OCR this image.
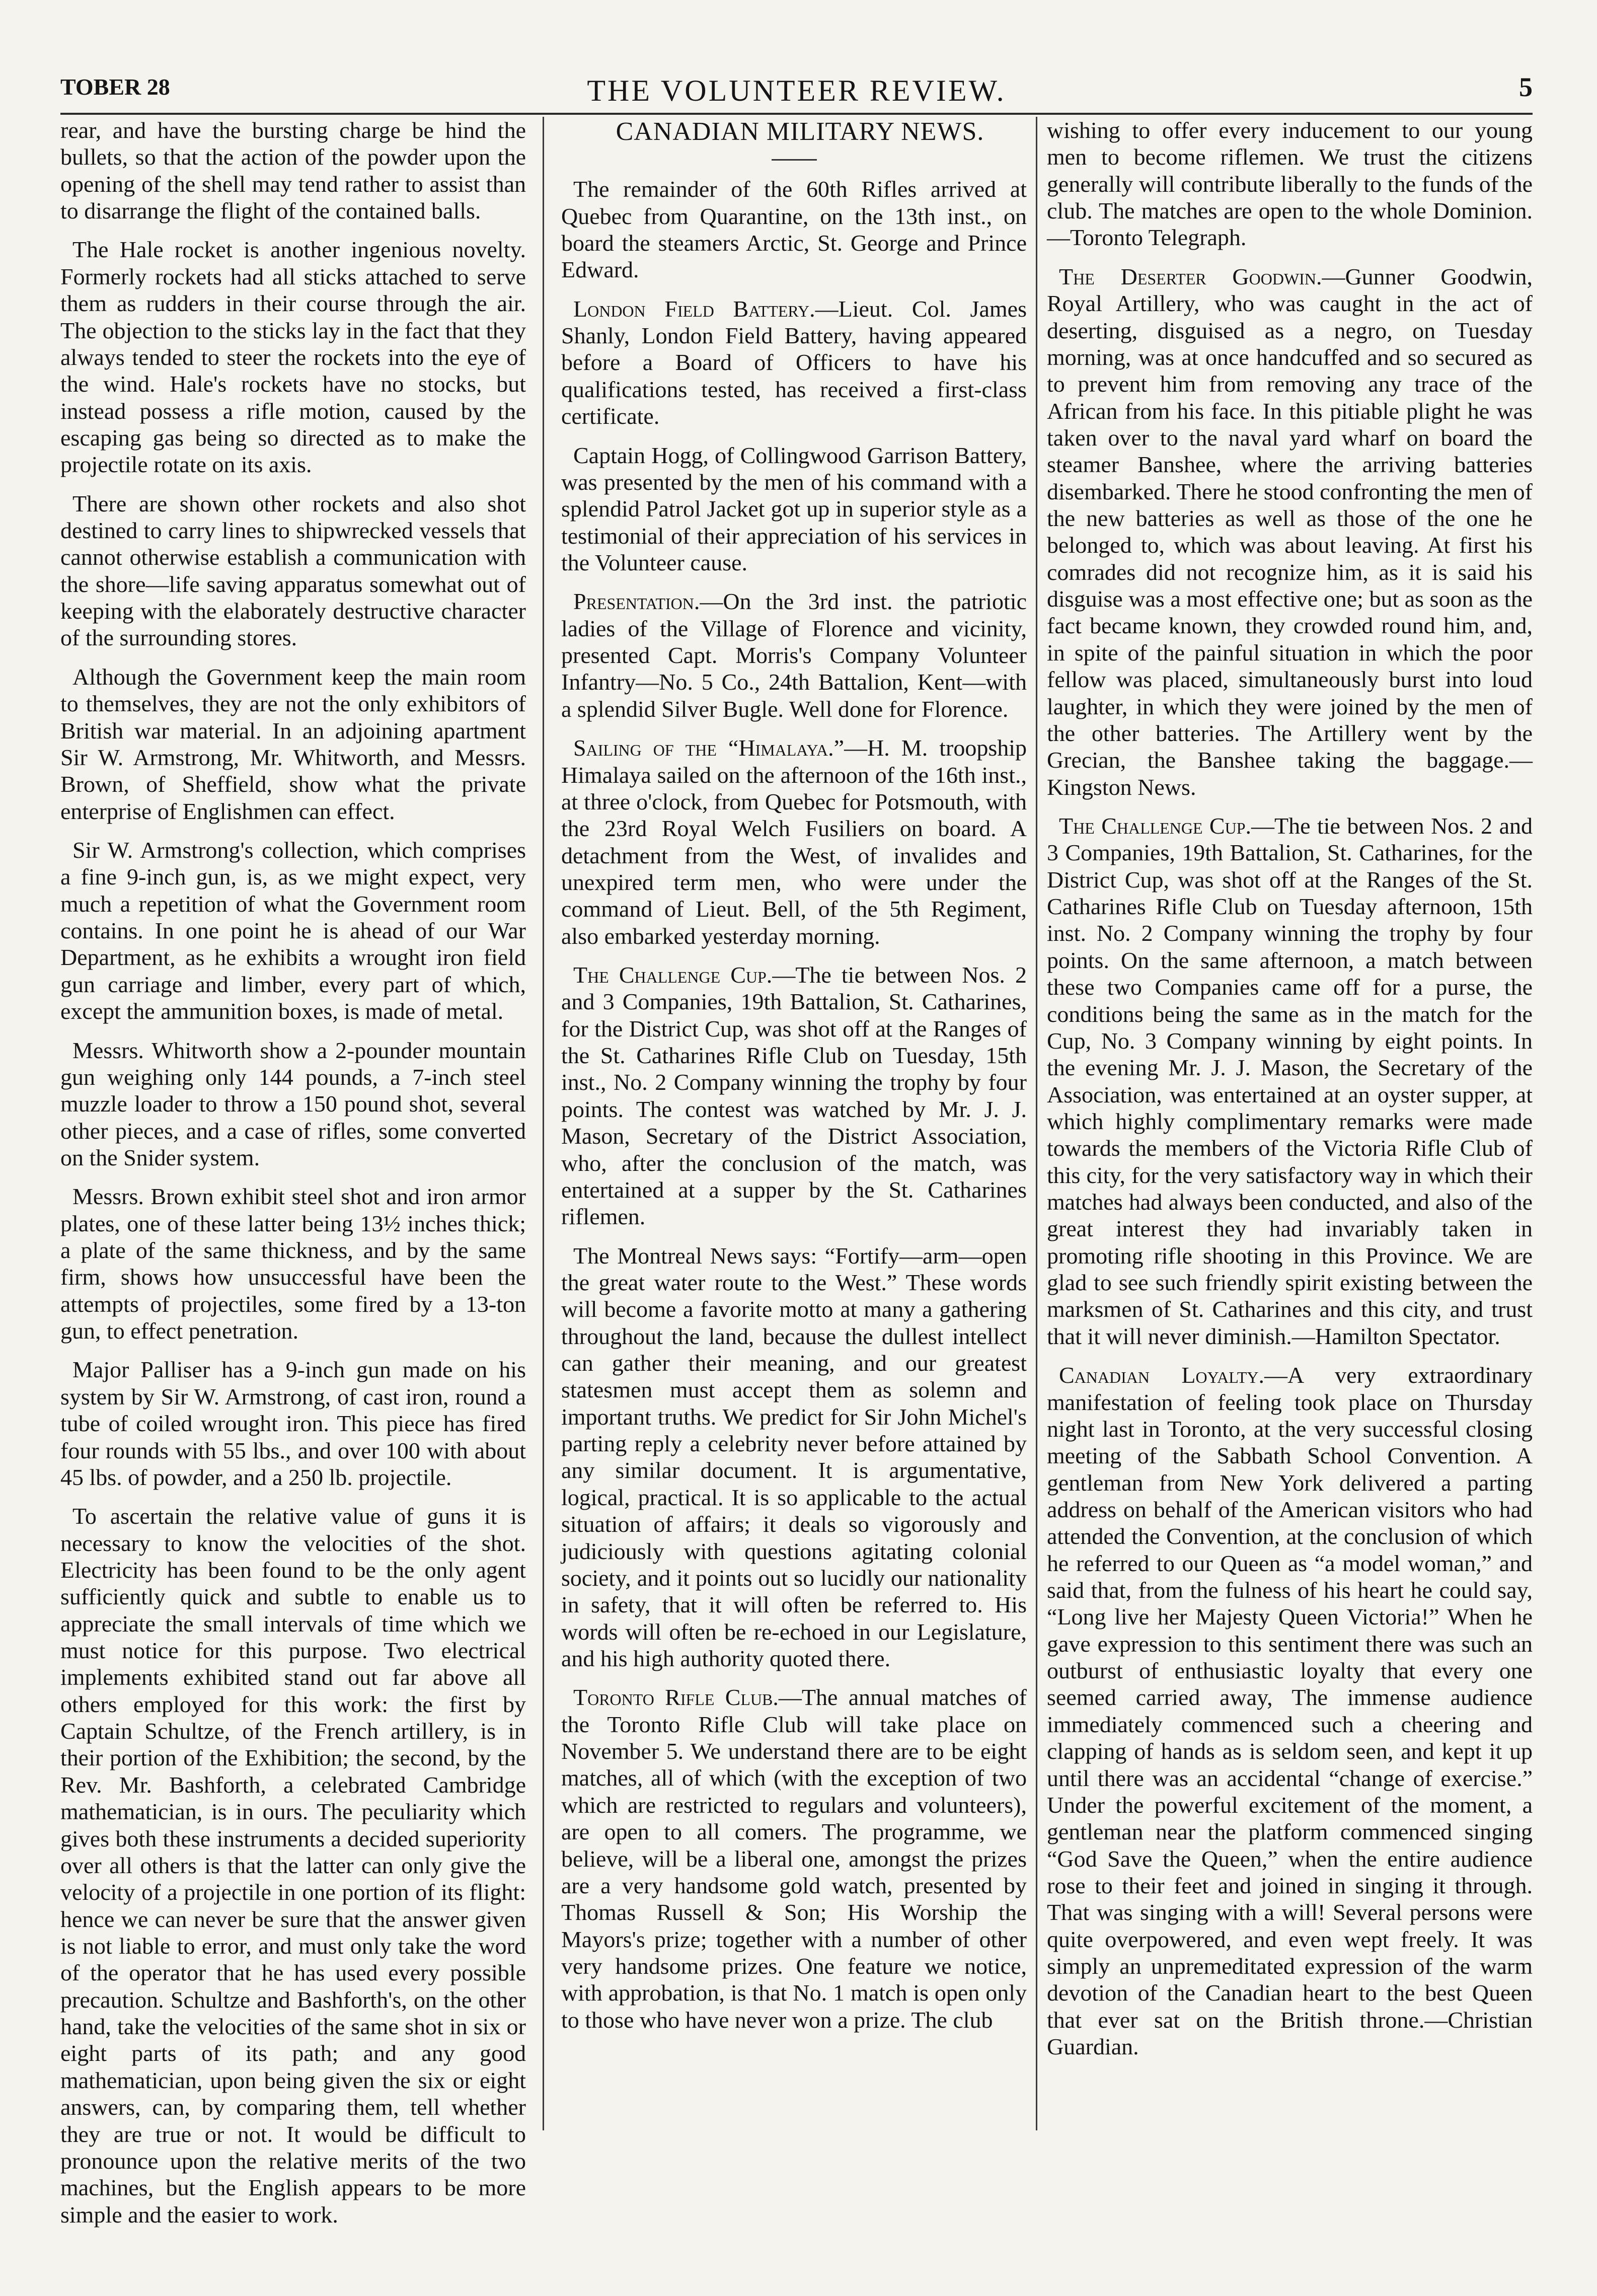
TOBER 28	THE VOLUNTEER REVIEW.	5

rear, and have the bursting charge be hind the bullets, so that the action of the powder upon the opening of the shell may tend rather to assist than to disarrange the flight of the contained balls.

The Hale rocket is another ingenious novelty. Formerly rockets had all sticks attached to serve them as rudders in their course through the air. The objection to the sticks lay in the fact that they always tended to steer the rockets into the eye of the wind. Hale's rockets have no stocks, but instead possess a rifle motion, caused by the escaping gas being so directed as to make the projectile rotate on its axis.

There are shown other rockets and also shot destined to carry lines to shipwrecked vessels that cannot otherwise establish a communication with the shore—life saving apparatus somewhat out of keeping with the elaborately destructive character of the surrounding stores.

Although the Government keep the main room to themselves, they are not the only exhibitors of British war material. In an adjoining apartment Sir W. Armstrong, Mr. Whitworth, and Messrs. Brown, of Sheffield, show what the private enterprise of Englishmen can effect.

Sir W. Armstrong's collection, which comprises a fine 9-inch gun, is, as we might expect, very much a repetition of what the Government room contains. In one point he is ahead of our War Department, as he exhibits a wrought iron field gun carriage and limber, every part of which, except the ammunition boxes, is made of metal.

Messrs. Whitworth show a 2-pounder mountain gun weighing only 144 pounds, a 7-inch steel muzzle loader to throw a 150 pound shot, several other pieces, and a case of rifles, some converted on the Snider system.

Messrs. Brown exhibit steel shot and iron armor plates, one of these latter being 13½ inches thick; a plate of the same thickness, and by the same firm, shows how unsuccessful have been the attempts of projectiles, some fired by a 13-ton gun, to effect penetration.

Major Palliser has a 9-inch gun made on his system by Sir W. Armstrong, of cast iron, round a tube of coiled wrought iron. This piece has fired four rounds with 55 lbs., and over 100 with about 45 lbs. of powder, and a 250 lb. projectile.

To ascertain the relative value of guns it is necessary to know the velocities of the shot. Electricity has been found to be the only agent sufficiently quick and subtle to enable us to appreciate the small intervals of time which we must notice for this purpose. Two electrical implements exhibited stand out far above all others employed for this work: the first by Captain Schultze, of the French artillery, is in their portion of the Exhibition; the second, by the Rev. Mr. Bashforth, a celebrated Cambridge mathematician, is in ours. The peculiarity which gives both these instruments a decided superiority over all others is that the latter can only give the velocity of a projectile in one portion of its flight: hence we can never be sure that the answer given is not liable to error, and must only take the word of the operator that he has used every possible precaution. Schultze and Bashforth's, on the other hand, take the velocities of the same shot in six or eight parts of its path; and any good mathematician, upon being given the six or eight answers, can, by comparing them, tell whether they are true or not. It would be difficult to pronounce upon the relative merits of the two machines, but the English appears to be more simple and the easier to work.

CANADIAN MILITARY NEWS.

The remainder of the 60th Rifles arrived at Quebec from Quarantine, on the 13th inst., on board the steamers Arctic, St. George and Prince Edward.

London Field Battery.—Lieut. Col. James Shanly, London Field Battery, having appeared before a Board of Officers to have his qualifications tested, has received a first-class certificate.

Captain Hogg, of Collingwood Garrison Battery, was presented by the men of his command with a splendid Patrol Jacket got up in superior style as a testimonial of their appreciation of his services in the Volunteer cause.

Presentation.—On the 3rd inst. the patriotic ladies of the Village of Florence and vicinity, presented Capt. Morris's Company Volunteer Infantry—No. 5 Co., 24th Battalion, Kent—with a splendid Silver Bugle. Well done for Florence.

Sailing of the “Himalaya.”—H. M. troopship Himalaya sailed on the afternoon of the 16th inst., at three o'clock, from Quebec for Potsmouth, with the 23rd Royal Welch Fusiliers on board. A detachment from the West, of invalides and unexpired term men, who were under the command of Lieut. Bell, of the 5th Regiment, also embarked yesterday morning.

The Challenge Cup.—The tie between Nos. 2 and 3 Companies, 19th Battalion, St. Catharines, for the District Cup, was shot off at the Ranges of the St. Catharines Rifle Club on Tuesday, 15th inst., No. 2 Company winning the trophy by four points. The contest was watched by Mr. J. J. Mason, Secretary of the District Association, who, after the conclusion of the match, was entertained at a supper by the St. Catharines riflemen.

The Montreal News says: “Fortify—arm—open the great water route to the West.” These words will become a favorite motto at many a gathering throughout the land, because the dullest intellect can gather their meaning, and our greatest statesmen must accept them as solemn and important truths. We predict for Sir John Michel's parting reply a celebrity never before attained by any similar document. It is argumentative, logical, practical. It is so applicable to the actual situation of affairs; it deals so vigorously and judiciously with questions agitating colonial society, and it points out so lucidly our nationality in safety, that it will often be referred to. His words will often be re-echoed in our Legislature, and his high authority quoted there.

Toronto Rifle Club.—The annual matches of the Toronto Rifle Club will take place on November 5. We understand there are to be eight matches, all of which (with the exception of two which are restricted to regulars and volunteers), are open to all comers. The programme, we believe, will be a liberal one, amongst the prizes are a very handsome gold watch, presented by Thomas Russell & Son; His Worship the Mayors's prize; together with a number of other very handsome prizes. One feature we notice, with approbation, is that No. 1 match is open only to those who have never won a prize. The club

wishing to offer every inducement to our young men to become riflemen. We trust the citizens generally will contribute liberally to the funds of the club. The matches are open to the whole Dominion.—Toronto Telegraph.

The Deserter Goodwin.—Gunner Goodwin, Royal Artillery, who was caught in the act of deserting, disguised as a negro, on Tuesday morning, was at once handcuffed and so secured as to prevent him from removing any trace of the African from his face. In this pitiable plight he was taken over to the naval yard wharf on board the steamer Banshee, where the arriving batteries disembarked. There he stood confronting the men of the new batteries as well as those of the one he belonged to, which was about leaving. At first his comrades did not recognize him, as it is said his disguise was a most effective one; but as soon as the fact became known, they crowded round him, and, in spite of the painful situation in which the poor fellow was placed, simultaneously burst into loud laughter, in which they were joined by the men of the other batteries. The Artillery went by the Grecian, the Banshee taking the baggage.—Kingston News.

The Challenge Cup.—The tie between Nos. 2 and 3 Companies, 19th Battalion, St. Catharines, for the District Cup, was shot off at the Ranges of the St. Catharines Rifle Club on Tuesday afternoon, 15th inst. No. 2 Company winning the trophy by four points. On the same afternoon, a match between these two Companies came off for a purse, the conditions being the same as in the match for the Cup, No. 3 Company winning by eight points. In the evening Mr. J. J. Mason, the Secretary of the Association, was entertained at an oyster supper, at which highly complimentary remarks were made towards the members of the Victoria Rifle Club of this city, for the very satisfactory way in which their matches had always been conducted, and also of the great interest they had invariably taken in promoting rifle shooting in this Province. We are glad to see such friendly spirit existing between the marksmen of St. Catharines and this city, and trust that it will never diminish.—Hamilton Spectator.

Canadian Loyalty.—A very extraordinary manifestation of feeling took place on Thursday night last in Toronto, at the very successful closing meeting of the Sabbath School Convention. A gentleman from New York delivered a parting address on behalf of the American visitors who had attended the Convention, at the conclusion of which he referred to our Queen as “a model woman,” and said that, from the fulness of his heart he could say, “Long live her Majesty Queen Victoria!” When he gave expression to this sentiment there was such an outburst of enthusiastic loyalty that every one seemed carried away, The immense audience immediately commenced such a cheering and clapping of hands as is seldom seen, and kept it up until there was an accidental “change of exercise.” Under the powerful excitement of the moment, a gentleman near the platform commenced singing “God Save the Queen,” when the entire audience rose to their feet and joined in singing it through. That was singing with a will! Several persons were quite overpowered, and even wept freely. It was simply an unpremeditated expression of the warm devotion of the Canadian heart to the best Queen that ever sat on the British throne.—Christian Guardian.
